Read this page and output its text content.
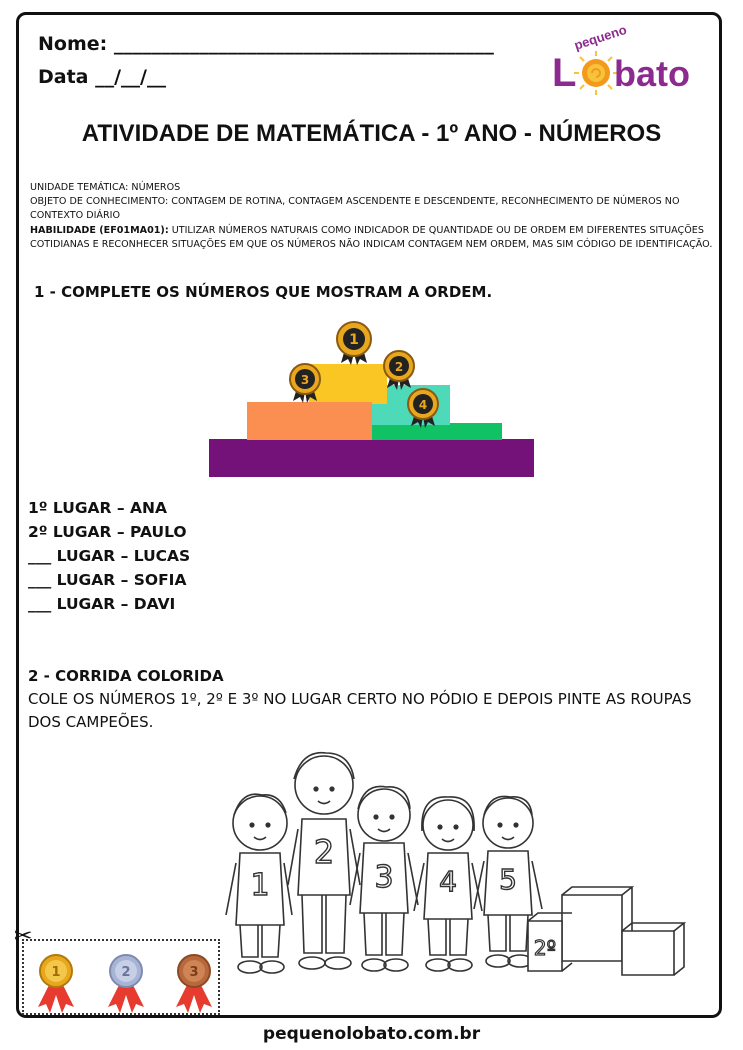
Nome: ________________________________________
Data __/__/__
pequeno
L bato
ATIVIDADE DE MATEMÁTICA - 1º ANO - NÚMEROS
UNIDADE TEMÁTICA: NÚMEROS
OBJETO DE CONHECIMENTO: CONTAGEM DE ROTINA, CONTAGEM ASCENDENTE E DESCENDENTE, RECONHECIMENTO DE NÚMEROS NO CONTEXTO DIÁRIO
HABILIDADE (EF01MA01): UTILIZAR NÚMEROS NATURAIS COMO INDICADOR DE QUANTIDADE OU DE ORDEM EM DIFERENTES SITUAÇÕES COTIDIANAS E RECONHECER SITUAÇÕES EM QUE OS NÚMEROS NÃO INDICAM CONTAGEM NEM ORDEM, MAS SIM CÓDIGO DE IDENTIFICAÇÃO.
1 - COMPLETE OS NÚMEROS QUE MOSTRAM A ORDEM.
1
2
3
4
1º LUGAR – ANA
2º LUGAR – PAULO
___ LUGAR – LUCAS
___ LUGAR – SOFIA
___ LUGAR – DAVI
2 - CORRIDA COLORIDA
COLE OS NÚMEROS 1º, 2º E 3º NO LUGAR CERTO NO PÓDIO E DEPOIS PINTE AS ROUPAS DOS CAMPEÕES.
1
2
3 4 5
2º
✂
1	2	3
pequenolobato.com.br
